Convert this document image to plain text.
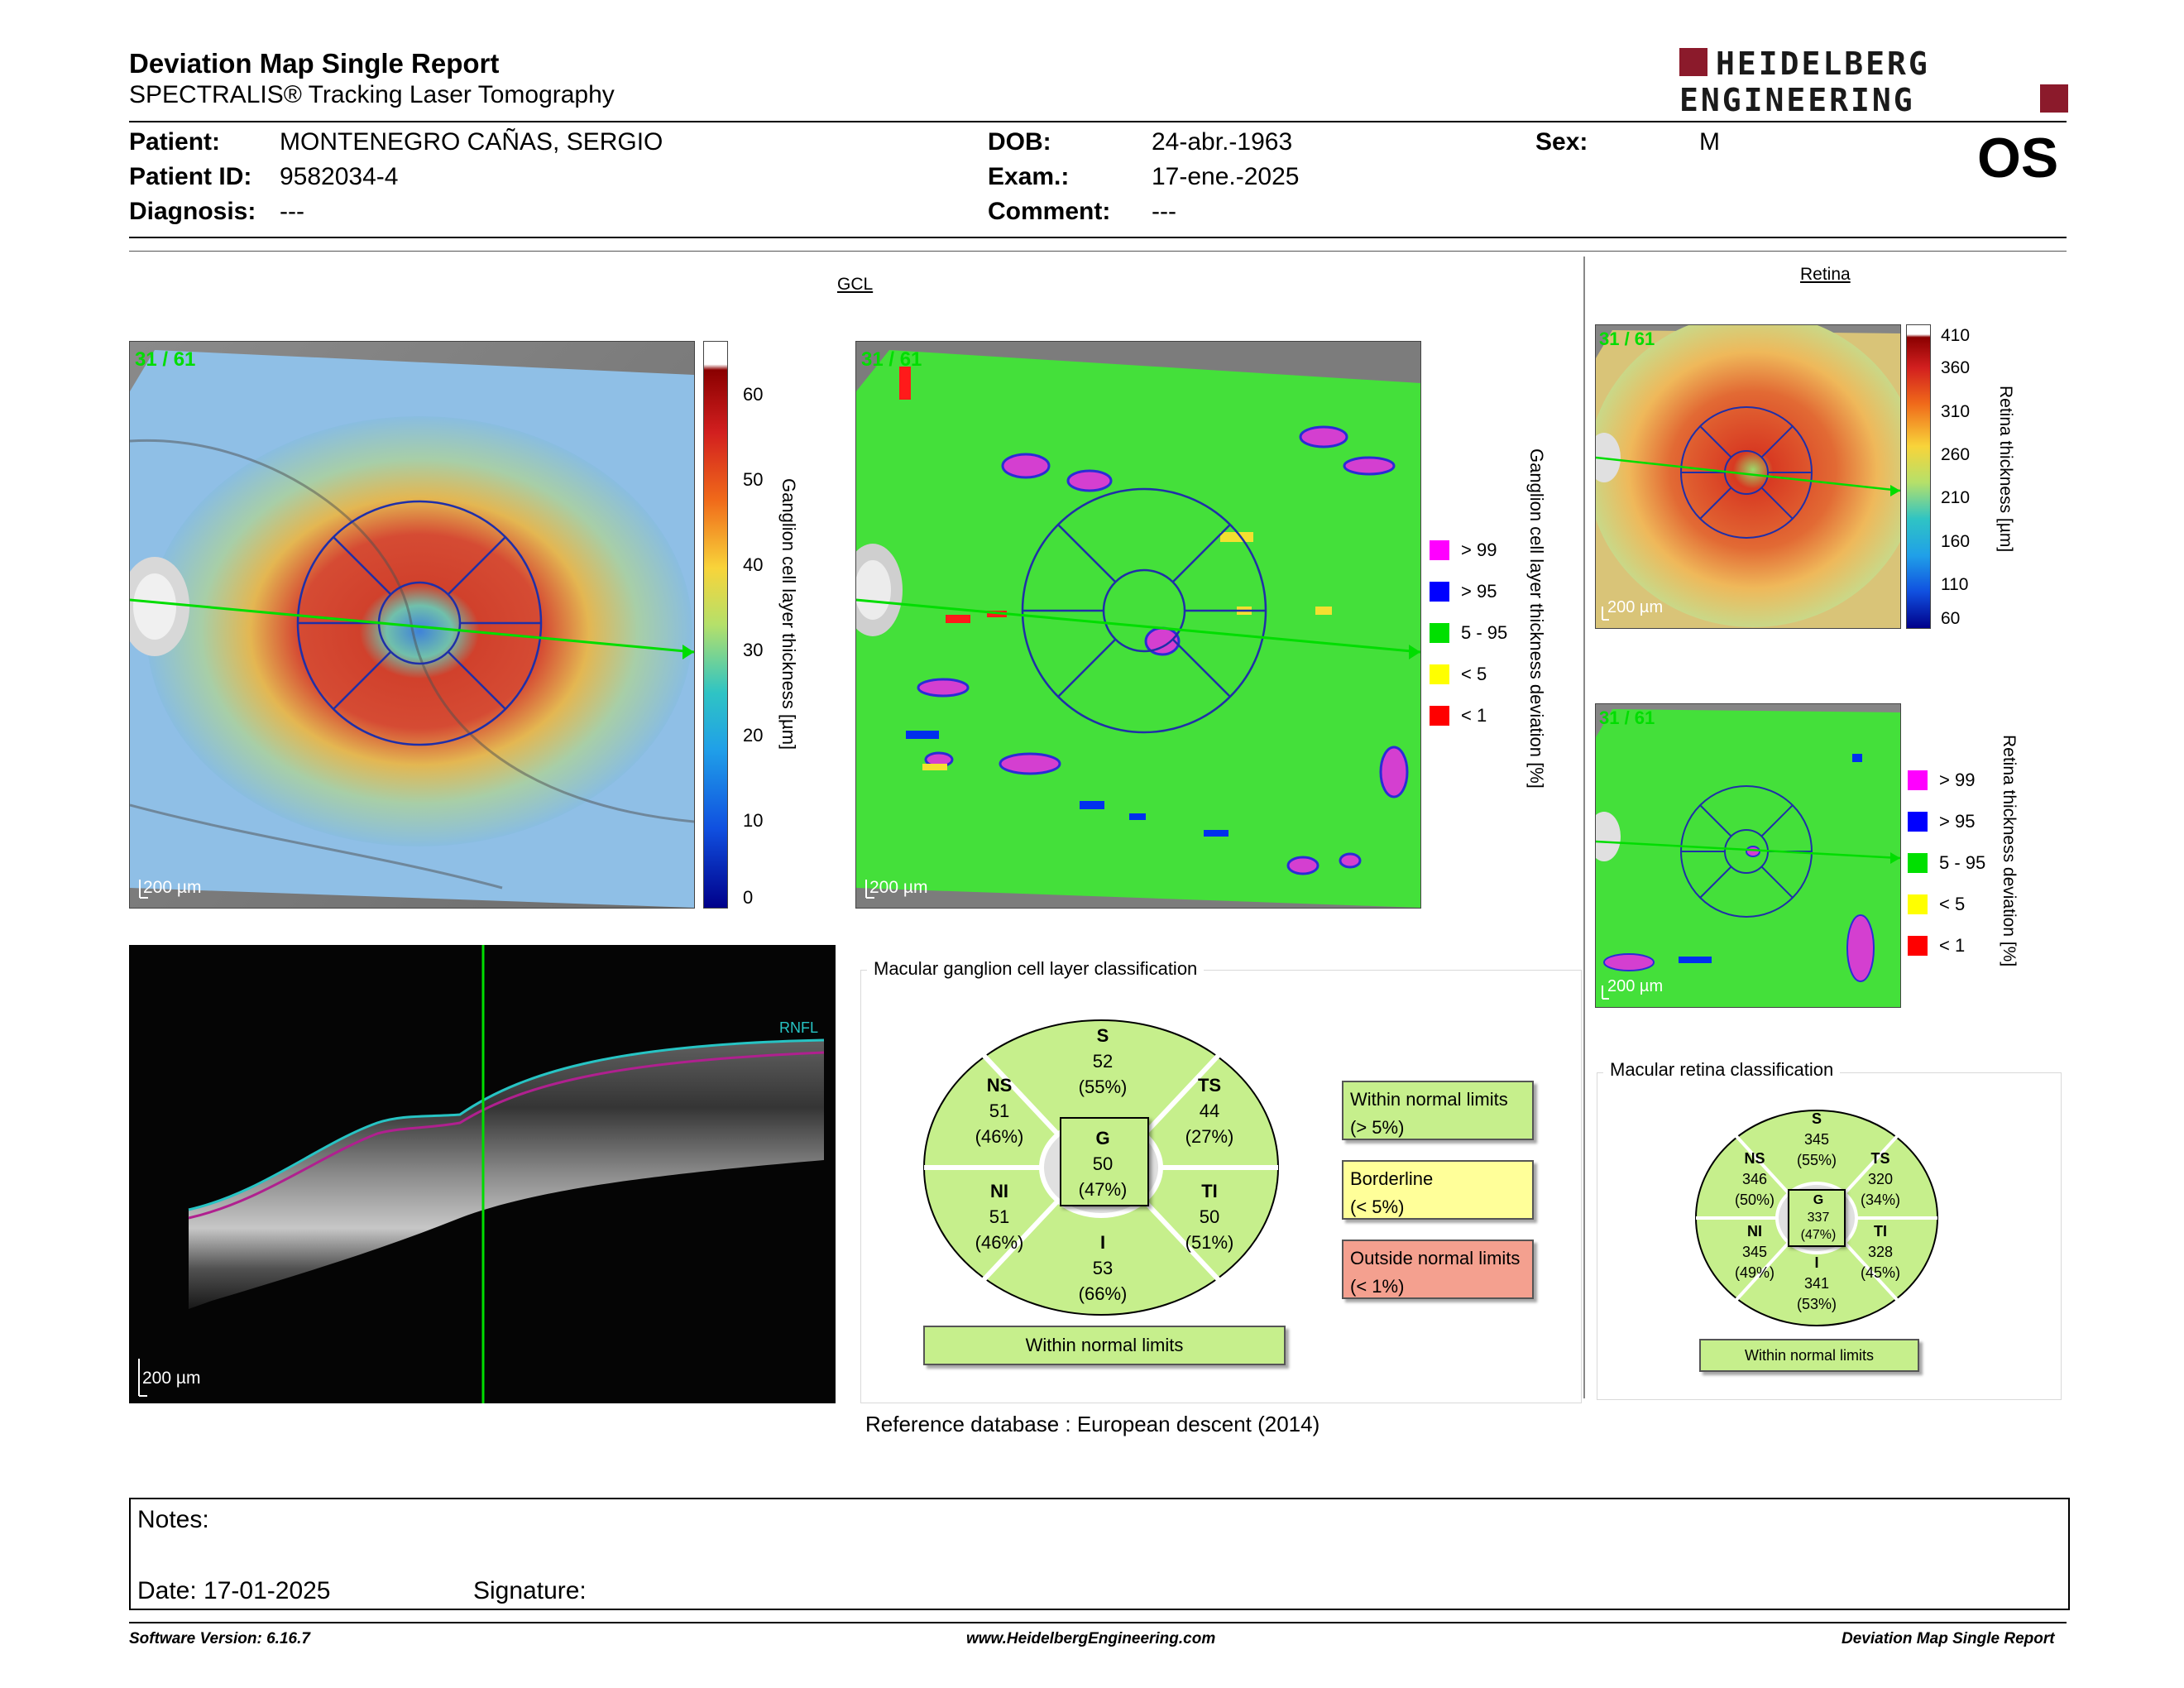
Deviation Map Single Report
SPECTRALIS® Tracking Laser Tomography
HEIDELBERG
ENGINEERING
Patient: MONTENEGRO CAÑAS, SERGIO
Patient ID: 9582034-4
Diagnosis: ---
DOB:	24-abr.-1963
Exam.:	17-ene.-2025
Comment: ---
Sex:	M	OS
GCL
31 / 61
200 µm
60
50
40
30
20
10
0
Ganglion cell layer thickness [µm]
31 / 61
200 µm
Ganglion cell layer thickness deviation [%]
> 99
> 95
5 - 95
< 5
< 1
Retina
31 / 61
200 µm
410
360
310
260
210
160
110
60
Retina thickness [µm]
31 / 61
200 µm
> 99
> 95
5 - 95
< 5
< 1 Retina thickness deviation [%]
RNFL
200 µm
Macular ganglion cell layer classification
S
52
(55%)
NS
51
(46%)
TS
44
(27%)
G
50
(47%)
NI
51
(46%)
TI
50
(51%)
I
53
(66%)
Within normal limits
Within normal limits
(> 5%)
Borderline
(< 5%)
Outside normal limits
(< 1%)
Reference database : European descent (2014)
Macular retina classification
S
345
(55%)
NS
346
(50%)
TS
320
(34%)
G
337
(47%)
NI
345
(49%)
TI
328
(45%)
I
341
(53%)
Within normal limits
Notes:
Date: 17-01-2025	Signature:
Software Version: 6.16.7	www.HeidelbergEngineering.com	Deviation Map Single Report
